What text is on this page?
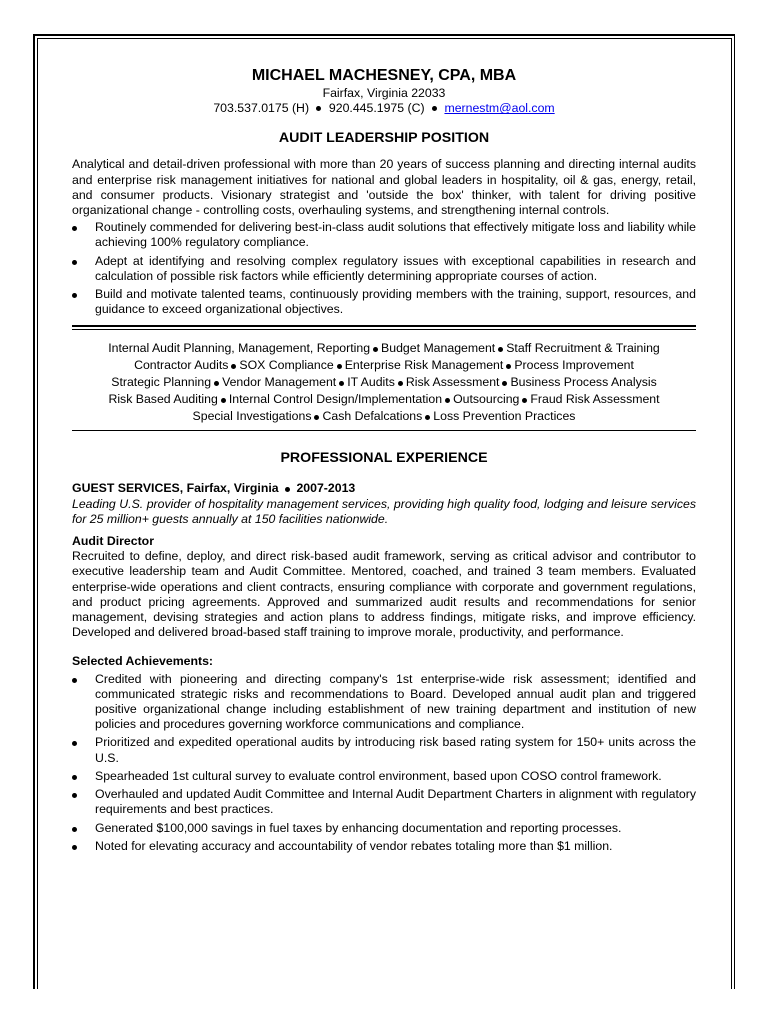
MICHAEL MACHESNEY, CPA, MBA
Fairfax, Virginia 22033
703.537.0175 (H) 920.445.1975 (C) mernestm@aol.com
AUDIT LEADERSHIP POSITION
Analytical and detail-driven professional with more than 20 years of success planning and directing internal audits and enterprise risk management initiatives for national and global leaders in hospitality, oil & gas, energy, retail, and consumer products. Visionary strategist and 'outside the box' thinker, with talent for driving positive organizational change - controlling costs, overhauling systems, and strengthening internal controls.
Routinely commended for delivering best-in-class audit solutions that effectively mitigate loss and liability while achieving 100% regulatory compliance.
Adept at identifying and resolving complex regulatory issues with exceptional capabilities in research and calculation of possible risk factors while efficiently determining appropriate courses of action.
Build and motivate talented teams, continuously providing members with the training, support, resources, and guidance to exceed organizational objectives.
Internal Audit Planning, Management, Reporting Budget Management Staff Recruitment & Training
Contractor Audits SOX Compliance Enterprise Risk Management Process Improvement
Strategic Planning Vendor Management IT Audits Risk Assessment Business Process Analysis
Risk Based Auditing Internal Control Design/Implementation Outsourcing Fraud Risk Assessment
Special Investigations Cash Defalcations Loss Prevention Practices
PROFESSIONAL EXPERIENCE
GUEST SERVICES, Fairfax, Virginia 2007-2013
Leading U.S. provider of hospitality management services, providing high quality food, lodging and leisure services for 25 million+ guests annually at 150 facilities nationwide.
Audit Director
Recruited to define, deploy, and direct risk-based audit framework, serving as critical advisor and contributor to executive leadership team and Audit Committee. Mentored, coached, and trained 3 team members. Evaluated enterprise-wide operations and client contracts, ensuring compliance with corporate and government regulations, and product pricing agreements. Approved and summarized audit results and recommendations for senior management, devising strategies and action plans to address findings, mitigate risks, and improve efficiency. Developed and delivered broad-based staff training to improve morale, productivity, and performance.
Selected Achievements:
Credited with pioneering and directing company's 1st enterprise-wide risk assessment; identified and communicated strategic risks and recommendations to Board. Developed annual audit plan and triggered positive organizational change including establishment of new training department and institution of new policies and procedures governing workforce communications and compliance.
Prioritized and expedited operational audits by introducing risk based rating system for 150+ units across the U.S.
Spearheaded 1st cultural survey to evaluate control environment, based upon COSO control framework.
Overhauled and updated Audit Committee and Internal Audit Department Charters in alignment with regulatory requirements and best practices.
Generated $100,000 savings in fuel taxes by enhancing documentation and reporting processes.
Noted for elevating accuracy and accountability of vendor rebates totaling more than $1 million.
